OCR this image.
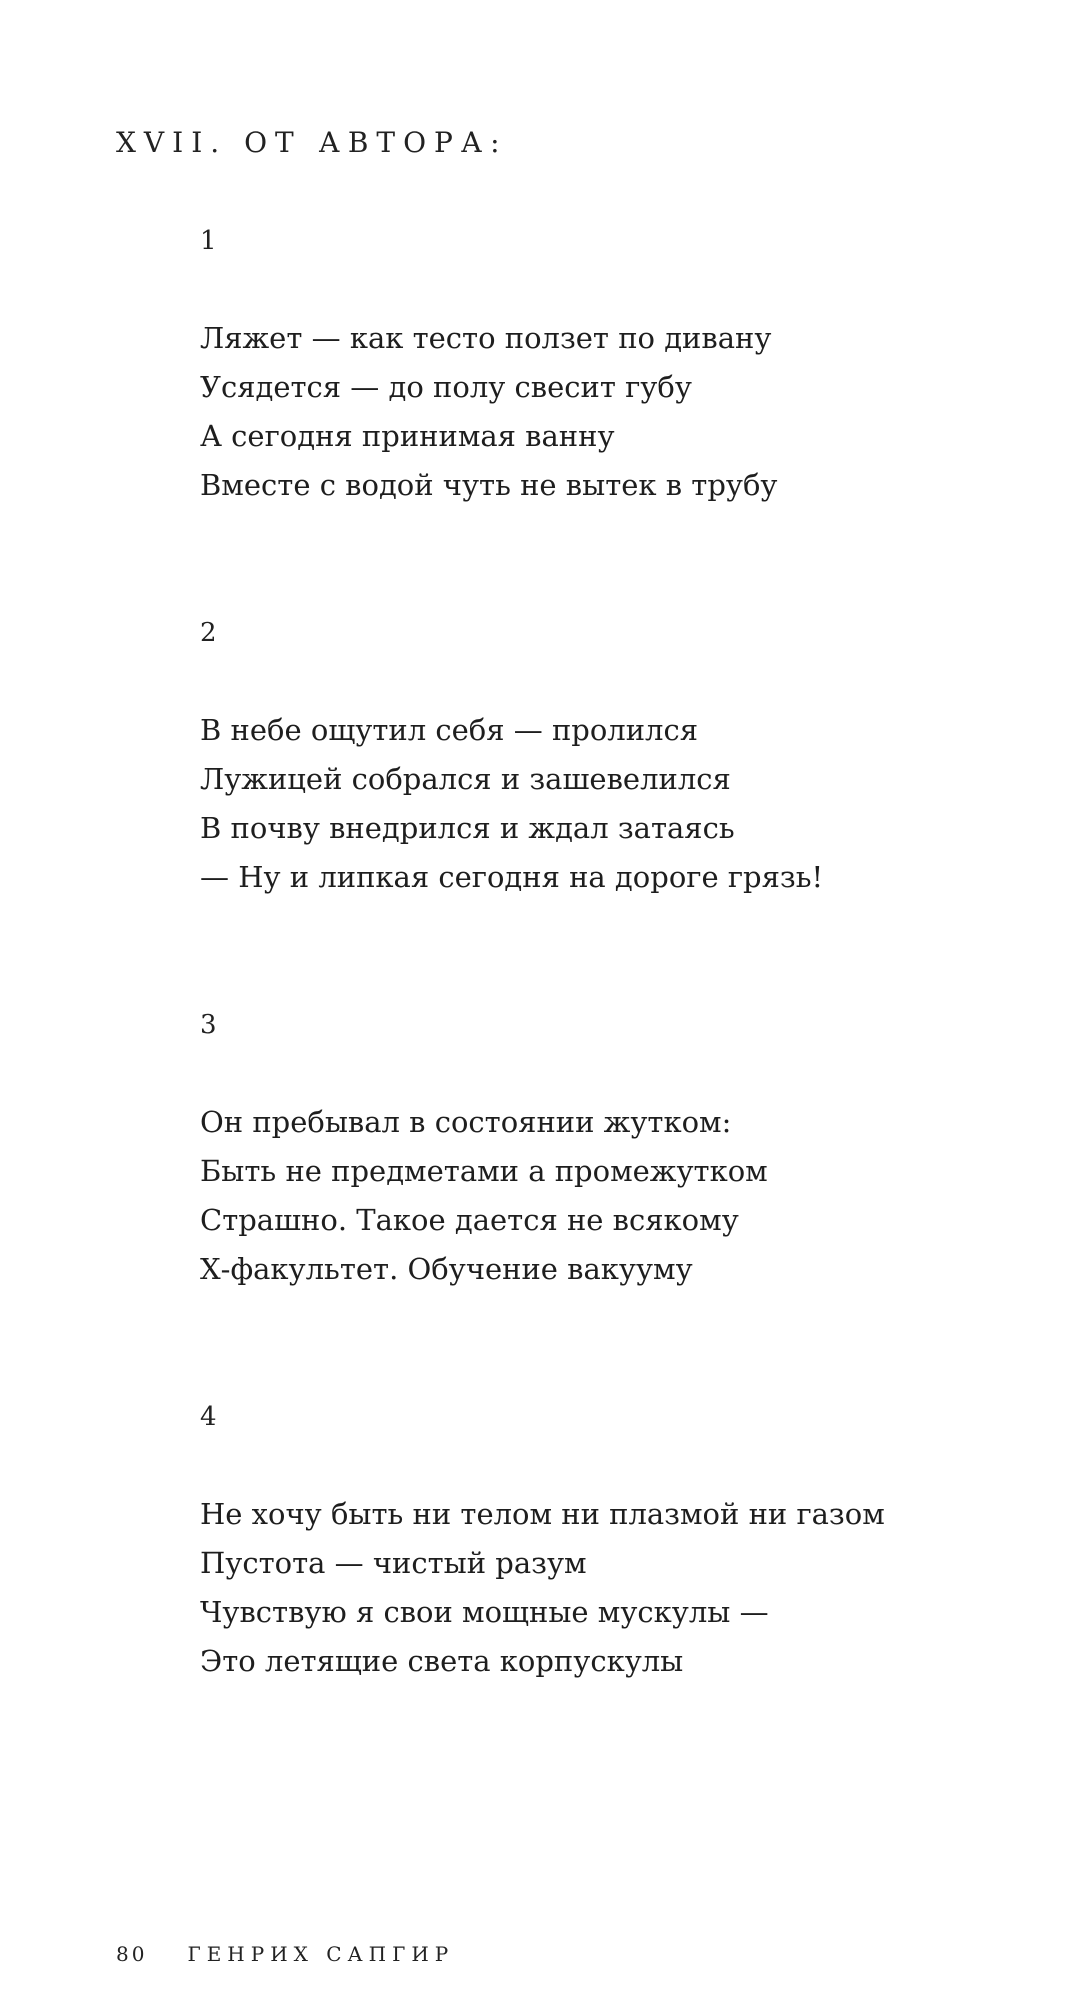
XVII. ОТ АВТОРА:
1
Ляжет — как тесто ползет по дивану
Усядется — до полу свесит губу
А сегодня принимая ванну
Вместе с водой чуть не вытек в трубу
2
В небе ощутил себя — пролился
Лужицей собрался и зашевелился
В почву внедрился и ждал затаясь
— Ну и липкая сегодня на дороге грязь!
3
Он пребывал в состоянии жутком:
Быть не предметами а промежутком
Страшно. Такое дается не всякому
Х-факультет. Обучение вакууму
4
Не хочу быть ни телом ни плазмой ни газом
Пустота — чистый разум
Чувствую я свои мощные мускулы —
Это летящие света корпускулы
80 ГЕНРИХ САПГИР
